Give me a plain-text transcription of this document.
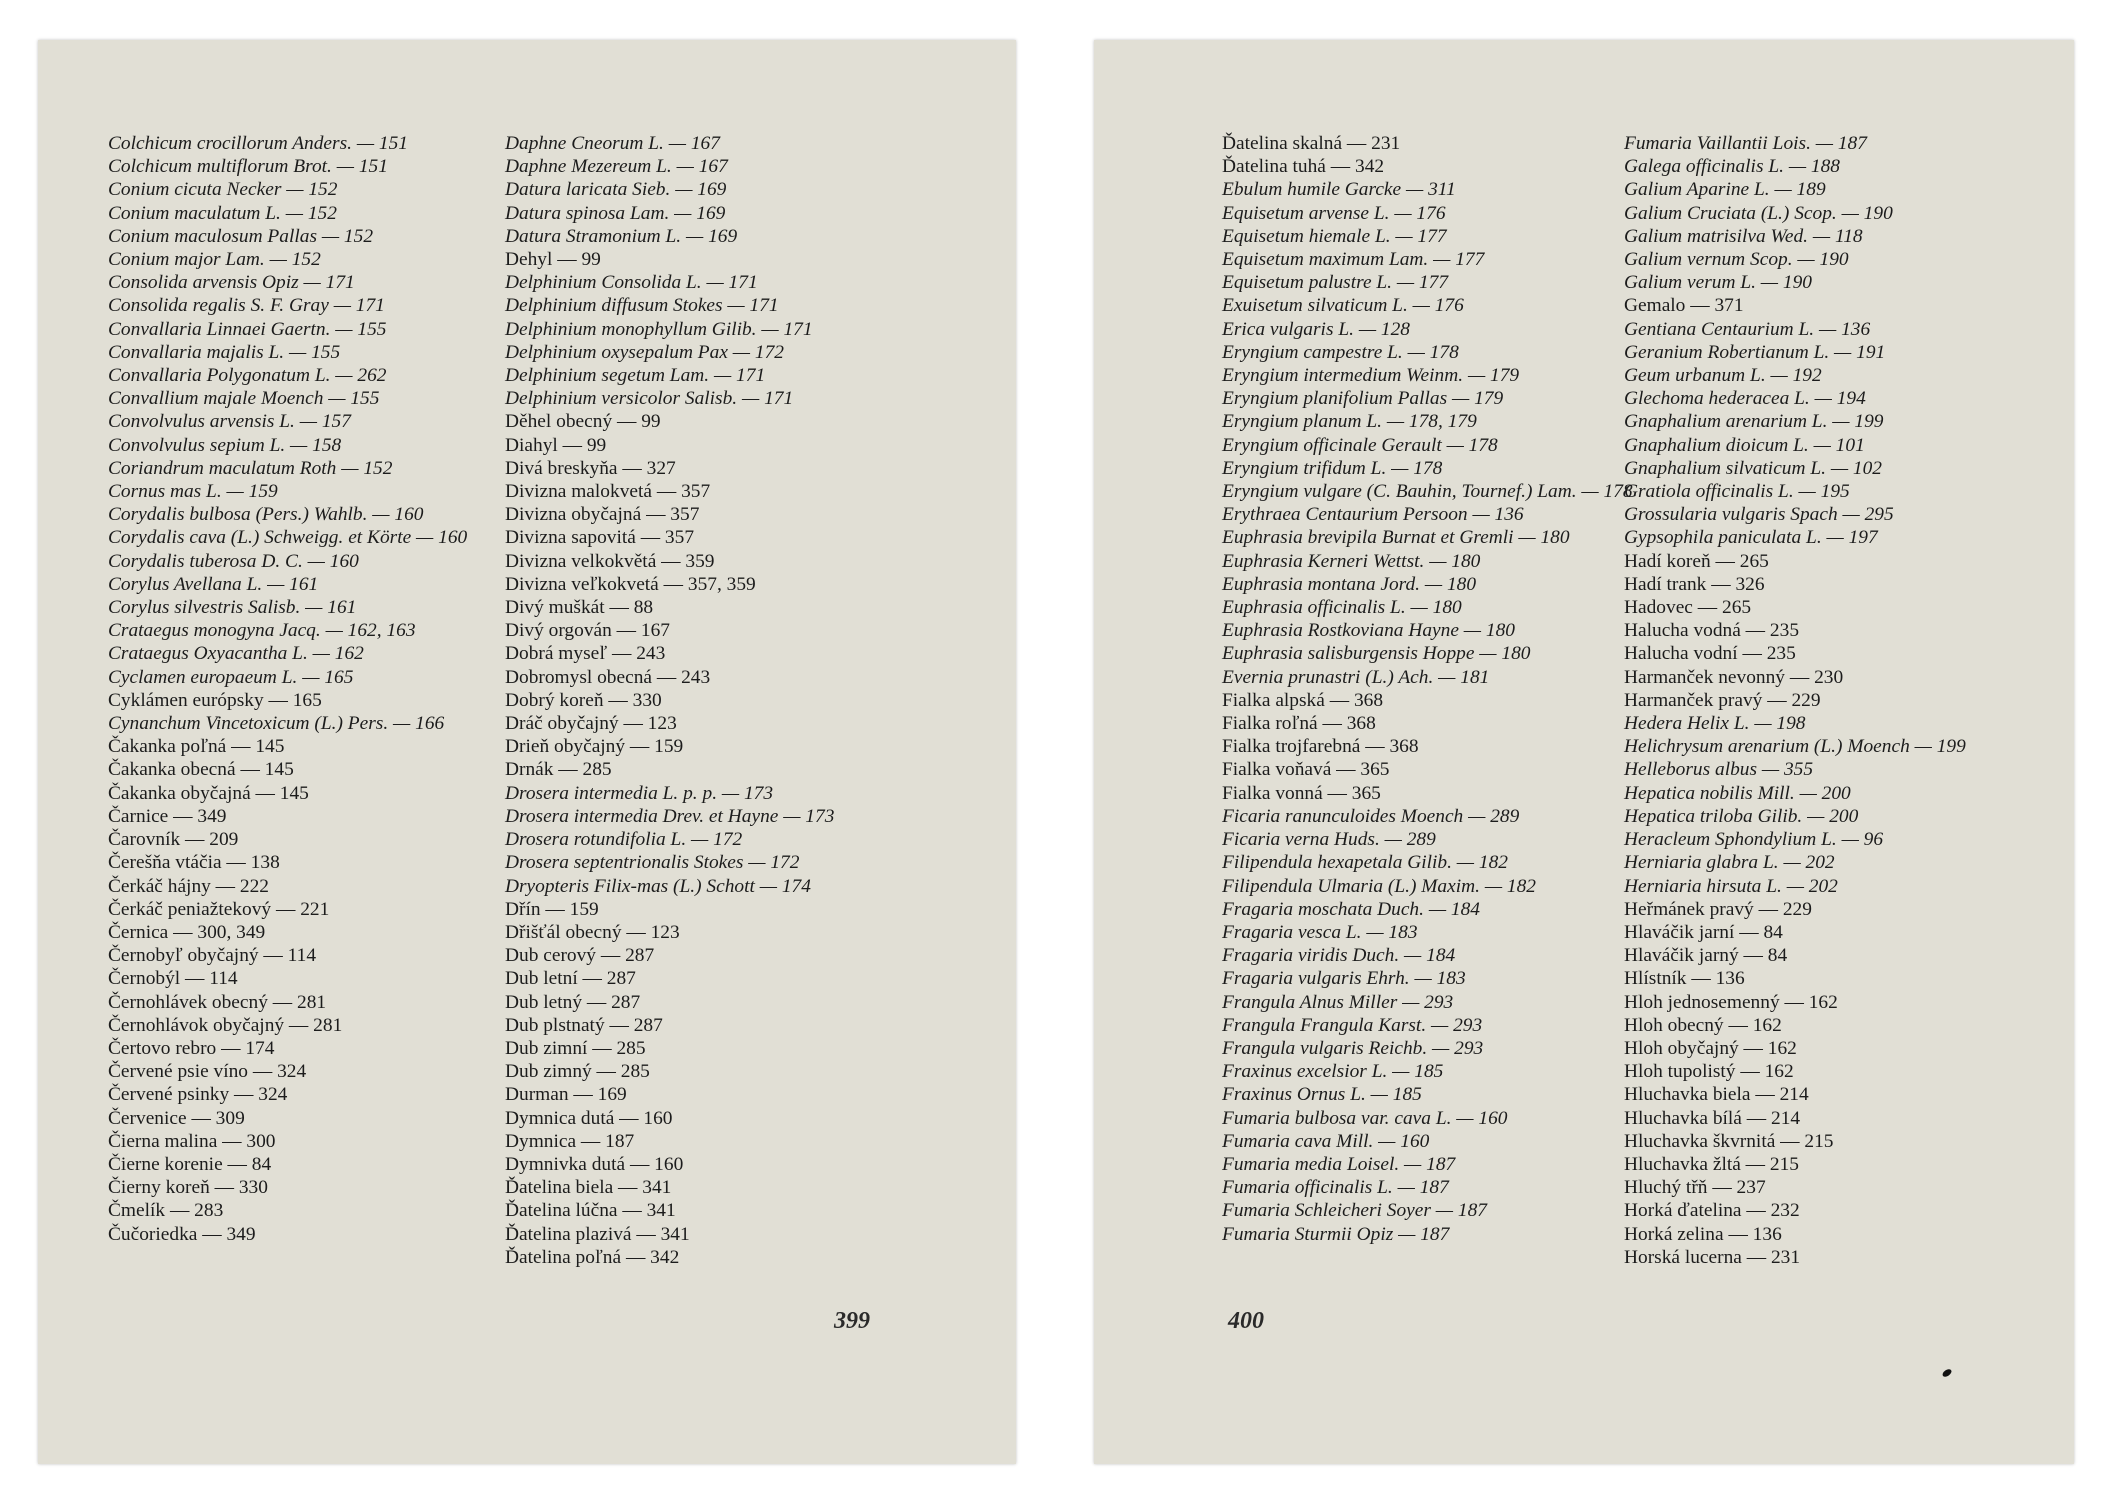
Colchicum crocillorum Anders. — 151

Colchicum multiflorum Brot. — 151

Conium cicuta Necker — 152

Conium maculatum L. — 152

Conium maculosum Pallas — 152

Conium major Lam. — 152

Consolida arvensis Opiz — 171

Consolida regalis S. F. Gray — 171

Convallaria Linnaei Gaertn. — 155

Convallaria majalis L. — 155

Convallaria Polygonatum L. — 262

Convallium majale Moench — 155

Convolvulus arvensis L. — 157

Convolvulus sepium L. — 158

Coriandrum maculatum Roth — 152

Cornus mas L. — 159

Corydalis bulbosa (Pers.) Wahlb. — 160

Corydalis cava (L.) Schweigg. et Körte — 160

Corydalis tuberosa D. C. — 160

Corylus Avellana L. — 161

Corylus silvestris Salisb. — 161

Crataegus monogyna Jacq. — 162, 163

Crataegus Oxyacantha L. — 162

Cyclamen europaeum L. — 165

Cyklámen európsky — 165

Cynanchum Vincetoxicum (L.) Pers. — 166

Čakanka poľná — 145

Čakanka obecná — 145

Čakanka obyčajná — 145

Čarnice — 349

Čarovník — 209

Čerešňa vtáčia — 138

Čerkáč hájny — 222

Čerkáč peniažtekový — 221

Černica — 300, 349

Černobyľ obyčajný — 114

Černobýl — 114

Černohlávek obecný — 281

Černohlávok obyčajný — 281

Čertovo rebro — 174

Červené psie víno — 324

Červené psinky — 324

Červenice — 309

Čierna malina — 300

Čierne korenie — 84

Čierny koreň — 330

Čmelík — 283

Čučoriedka — 349

Daphne Cneorum L. — 167

Daphne Mezereum L. — 167

Datura laricata Sieb. — 169

Datura spinosa Lam. — 169

Datura Stramonium L. — 169

Dehyl — 99

Delphinium Consolida L. — 171

Delphinium diffusum Stokes — 171

Delphinium monophyllum Gilib. — 171

Delphinium oxysepalum Pax — 172

Delphinium segetum Lam. — 171

Delphinium versicolor Salisb. — 171

Děhel obecný — 99

Diahyl — 99

Divá breskyňa — 327

Divizna malokvetá — 357

Divizna obyčajná — 357

Divizna sapovitá — 357

Divizna velkokvětá — 359

Divizna veľkokvetá — 357, 359

Divý muškát — 88

Divý orgován — 167

Dobrá myseľ — 243

Dobromysl obecná — 243

Dobrý koreň — 330

Dráč obyčajný — 123

Drieň obyčajný — 159

Drnák — 285

Drosera intermedia L. p. p. — 173

Drosera intermedia Drev. et Hayne — 173

Drosera rotundifolia L. — 172

Drosera septentrionalis Stokes — 172

Dryopteris Filix-mas (L.) Schott — 174

Dřín — 159

Dřišťál obecný — 123

Dub cerový — 287

Dub letní — 287

Dub letný — 287

Dub plstnatý — 287

Dub zimní — 285

Dub zimný — 285

Durman — 169

Dymnica dutá — 160

Dymnica — 187

Dymnivka dutá — 160

Ďatelina biela — 341

Ďatelina lúčna — 341

Ďatelina plazivá — 341

Ďatelina poľná — 342

399

Ďatelina skalná — 231

Ďatelina tuhá — 342

Ebulum humile Garcke — 311

Equisetum arvense L. — 176

Equisetum hiemale L. — 177

Equisetum maximum Lam. — 177

Equisetum palustre L. — 177

Exuisetum silvaticum L. — 176

Erica vulgaris L. — 128

Eryngium campestre L. — 178

Eryngium intermedium Weinm. — 179

Eryngium planifolium Pallas — 179

Eryngium planum L. — 178, 179

Eryngium officinale Gerault — 178

Eryngium trifidum L. — 178

Eryngium vulgare (C. Bauhin, Tournef.) Lam. — 178

Erythraea Centaurium Persoon — 136

Euphrasia brevipila Burnat et Gremli — 180

Euphrasia Kerneri Wettst. — 180

Euphrasia montana Jord. — 180

Euphrasia officinalis L. — 180

Euphrasia Rostkoviana Hayne — 180

Euphrasia salisburgensis Hoppe — 180

Evernia prunastri (L.) Ach. — 181

Fialka alpská — 368

Fialka roľná — 368

Fialka trojfarebná — 368

Fialka voňavá — 365

Fialka vonná — 365

Ficaria ranunculoides Moench — 289

Ficaria verna Huds. — 289

Filipendula hexapetala Gilib. — 182

Filipendula Ulmaria (L.) Maxim. — 182

Fragaria moschata Duch. — 184

Fragaria vesca L. — 183

Fragaria viridis Duch. — 184

Fragaria vulgaris Ehrh. — 183

Frangula Alnus Miller — 293

Frangula Frangula Karst. — 293

Frangula vulgaris Reichb. — 293

Fraxinus excelsior L. — 185

Fraxinus Ornus L. — 185

Fumaria bulbosa var. cava L. — 160

Fumaria cava Mill. — 160

Fumaria media Loisel. — 187

Fumaria officinalis L. — 187

Fumaria Schleicheri Soyer — 187

Fumaria Sturmii Opiz — 187

Fumaria Vaillantii Lois. — 187

Galega officinalis L. — 188

Galium Aparine L. — 189

Galium Cruciata (L.) Scop. — 190

Galium matrisilva Wed. — 118

Galium vernum Scop. — 190

Galium verum L. — 190

Gemalo — 371

Gentiana Centaurium L. — 136

Geranium Robertianum L. — 191

Geum urbanum L. — 192

Glechoma hederacea L. — 194

Gnaphalium arenarium L. — 199

Gnaphalium dioicum L. — 101

Gnaphalium silvaticum L. — 102

Gratiola officinalis L. — 195

Grossularia vulgaris Spach — 295

Gypsophila paniculata L. — 197

Hadí koreň — 265

Hadí trank — 326

Hadovec — 265

Halucha vodná — 235

Halucha vodní — 235

Harmanček nevonný — 230

Harmanček pravý — 229

Hedera Helix L. — 198

Helichrysum arenarium (L.) Moench — 199

Helleborus albus — 355

Hepatica nobilis Mill. — 200

Hepatica triloba Gilib. — 200

Heracleum Sphondylium L. — 96

Herniaria glabra L. — 202

Herniaria hirsuta L. — 202

Heřmánek pravý — 229

Hlaváčik jarní — 84

Hlaváčik jarný — 84

Hlístník — 136

Hloh jednosemenný — 162

Hloh obecný — 162

Hloh obyčajný — 162

Hloh tupolistý — 162

Hluchavka biela — 214

Hluchavka bílá — 214

Hluchavka škvrnitá — 215

Hluchavka žltá — 215

Hluchý třň — 237

Horká ďatelina — 232

Horká zelina — 136

Horská lucerna — 231

400
